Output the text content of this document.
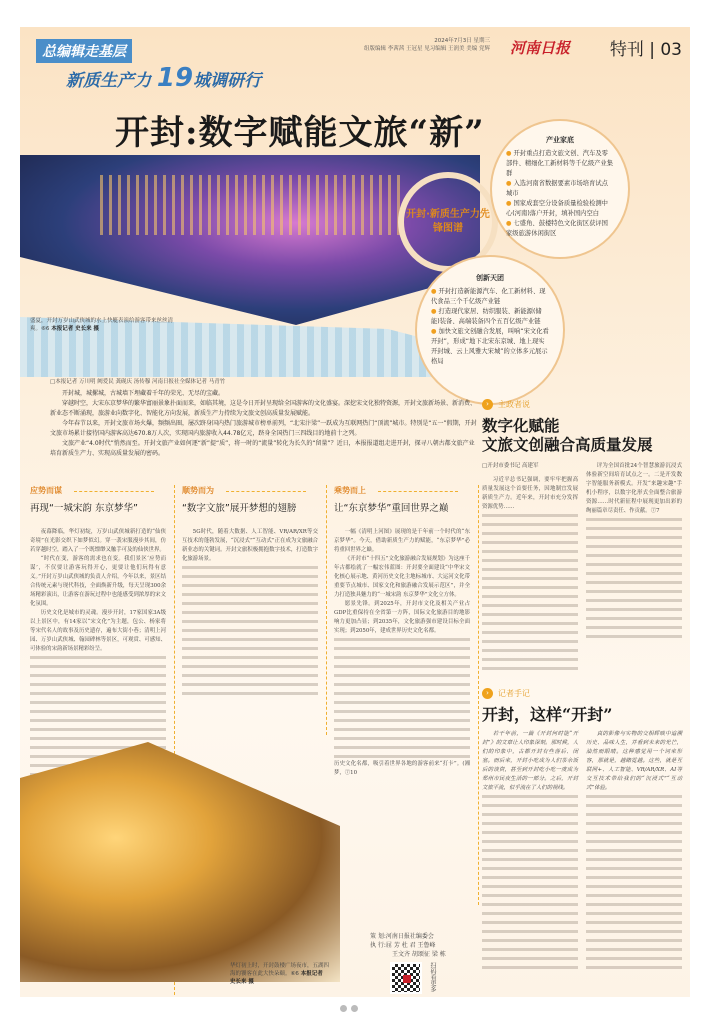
总编辑走基层
新质生产力 19城调研行
2024年7月3日 星期三
组版编辑 李茜茜 王冠星 见习编辑 王润美 美编 党辉 河南日报 特刊 | 03
开封:数字赋能文旅“新”
盛夏，开封万岁山武侠城的水上快艇表演给游客带来丝丝清爽。⑥6 本报记者 史长来 摄
开封·新质生产力先锋图谱
产业家底
● 开封重点打造文旅文创、汽车及零部件、精细化工新材料等千亿级产业集群
● 入选河南省数据要素市场培育试点城市
● 国家成套空分设备质量检验检测中心(河南)落户开封，填补国内空白
● 七盛角、鼓楼特色文化街区获评国家级旅游休闲街区
创新天团
● 开封打造新能源汽车、化工新材料、现代食品三个千亿级产业链
● 打造现代家居、纺织服装、新能源(储能)装备、高端装备四个五百亿级产业链
● 加快文旅文创融合发展，叫响“宋文化看开封”，形成“地下北宋东京城、地上现实开封城、云上风雅大宋城”的立体多元展示格局
□本报记者 万川明 阙爱民 龚砚庆 汤传穆 河南日报社全媒体记者 马青竹

开封城，城摞城，古城墙下埋藏着千年的荣光、无尽的宝藏。

穿越时空，大宋东京梦华的繁华富丽景象扑面而来，如临其境，这是今日开封呈现给全国游客的文化盛宴。深挖宋文化独特资源，开封文旅新场景、新消费、新业态不断涌现，旅游业向数字化、智能化方向发展，新质生产力持续为文旅文创高质量发展赋能。

今年春节以来，开封文旅市场火爆，频频出圈，屡次跻身国内热门旅游城市榜单前列，“北宋汴梁”一跃成为互联网热门“顶流”城市。特别是“五一”假期，开封文旅市场累计接待国内游客高达670.8万人次，实现国内旅游收入44.78亿元，跻身全国热门三四线目的地前十之列。

文旅产业“4.0时代”悄然而至。开封文旅产业如何逐“新”提“质”，将一时的“流量”转化为长久的“留量”？近日，本报报道组走进开封，探寻八朝古都文旅产业培育新质生产力、实现高质量发展的密码。

应势而谋
再现“一城宋韵 东京梦华”

夜幕降临，华灯初绽，万岁山武侠城新打造的“仙侠奇境”在光影交织下如梦似幻。穿一袭宋服漫步其间，仿若穿越时空，踏入了一个既缥缈又触手可及的仙侠世界。

“时代在变，游客的需求也在变。我们景区‘应势而谋’，不仅要让游客玩得开心，更要让他们玩得有意义。”开封万岁山武侠城的负责人介绍，今年以来，景区结合传统元素与现代科技，全面焕新升级，每天呈现300余场精彩演出，让游客在游玩过程中也能感受到浓厚的宋文化氛围。

历史文化是城市的灵魂。漫步开封，17家国家3A级以上景区中，有14家以“宋文化”为主题，包公、杨家将等宋代名人的故事及历史遗存，遍布大街小巷；清明上河园、万岁山武侠城、翰园碑林等景区，可观赏、可感知、可体验的宋韵新场景精彩纷呈。

顺势而为
“数字文旅”展开梦想的翅膀

5G时代，随着大数据、人工智能、VR/AR/XR等交互技术的蓬勃发展，“沉浸式”“互动式”正在成为文旅融合新业态的关键词。开封文旅积极拥抱数字技术，打造数字化旅游场景。

乘势而上
让“东京梦华”重回世界之巅

一幅《清明上河图》展现的是千年前一个时代的“东京梦华”。今天，借助新质生产力的赋能，“东京梦华”必将重回世界之巅。

《开封市“十四五”文化旅游融合发展规划》为这座千年古都绘就了一幅宏伟蓝图：开封要全面建设“中华宋文化核心展示地、黄河历史文化主地标城市、大运河文化带重要节点城市、国家文化和旅游融合发展示范区”，并全力打造独具魅力的“一城宋韵 东京梦华”文化立方体。

愿景先锋。到2025年，开封市文化及相关产业占GDP比重保持在全省第一方阵，国际文化旅游目的地影响力更加凸显；到2035年，文化旅游强市建设目标全面实现；到2050年，建成世界历史文化名都。

历史文化名都，吸引着世界各地的游客前来“打卡”。(湘梦，⑦10
华灯初上时，开封鼓楼广场夜市，五湖四海的饕客在此大快朵颐。⑥6 本报记者 史长来 摄
策 划:河南日报社编委会
执 行:屈 芳 杜 君 王鲁峰
王文齐 胡颂征 梁 栋
扫码看更多
›	主政者说
数字化赋能
文旅文创融合高质量发展
□开封市委书记 高建军

习近平总书记强调，要牢牢把握高质量发展这个首要任务，因地制宜发展新质生产力。近年来，开封市充分发挥资源优势……

评为全国首批24个智慧旅游沉浸式体验新空间培育试点之一。二是开发数字智能服务新模式。开发“来趣宋趣”手机小程序，以数字化形式全面整合旅游资源……时代新征程中展现更加出彩的绚丽篇章尽责任、作贡献。⑦7

›	记者手记
开封，这样“开封”

若干年前，一篇《开封何时能“开封”》的文章让人印象深刻。那时候，人们的印象中，古都开封有些落后、闭塞。而后来，开封小吃成为人们茶余饭后的谈资，甚至到开封吃小吃一度成为郑州市民夜生活的一部分。之后，开封文旅平流，似乎流在了人们的视线。

真的影像与实物的交相辉映中追溯历史、品味人生，并看到未来的光芒，油然而眼晴。这种感觉用一个词来形容，那就是，越睹霓越。这些，就是互联网+、人工智能、VR/AR/XR、AI等交互技术带给我们的“沉浸式”“互动式”体验。
